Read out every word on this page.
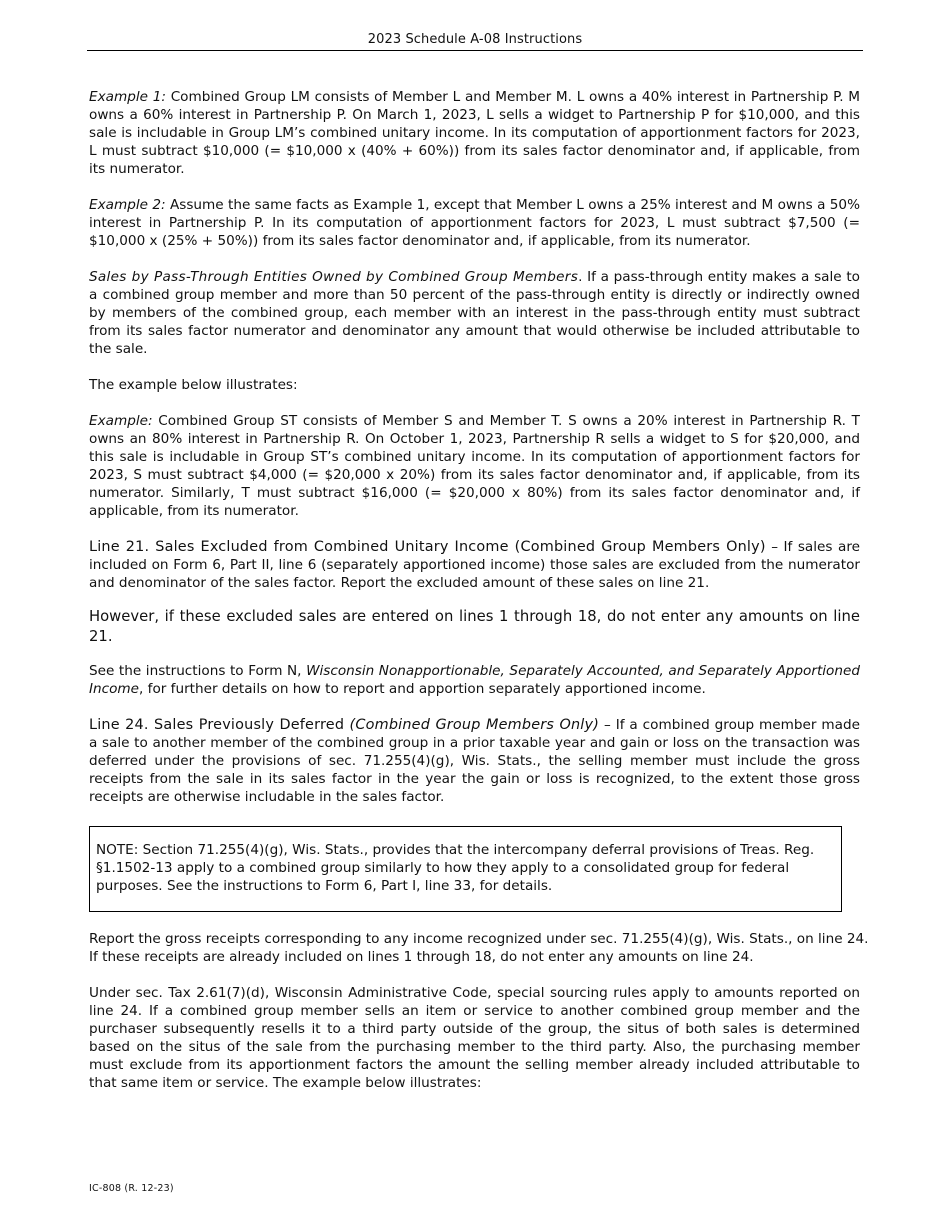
2023 Schedule A-08 Instructions

Example 1: Combined Group LM consists of Member L and Member M. L owns a 40% interest in Partnership P. M owns a 60% interest in Partnership P. On March 1, 2023, L sells a widget to Partnership P for $10,000, and this sale is includable in Group LM’s combined unitary income. In its computation of apportionment factors for 2023, L must subtract $10,000 (= $10,000 x (40% + 60%)) from its sales factor denominator and, if applicable, from its numerator.

Example 2: Assume the same facts as Example 1, except that Member L owns a 25% interest and M owns a 50% interest in Partnership P. In its computation of apportionment factors for 2023, L must subtract $7,500 (= $10,000 x (25% + 50%)) from its sales factor denominator and, if applicable, from its numerator.

Sales by Pass-Through Entities Owned by Combined Group Members. If a pass-through entity makes a sale to a combined group member and more than 50 percent of the pass-through entity is directly or indirectly owned by members of the combined group, each member with an interest in the pass-through entity must subtract from its sales factor numerator and denominator any amount that would otherwise be included attributable to the sale.

The example below illustrates:

Example: Combined Group ST consists of Member S and Member T. S owns a 20% interest in Partnership R. T owns an 80% interest in Partnership R. On October 1, 2023, Partnership R sells a widget to S for $20,000, and this sale is includable in Group ST’s combined unitary income. In its computation of apportionment factors for 2023, S must subtract $4,000 (= $20,000 x 20%) from its sales factor denominator and, if applicable, from its numerator. Similarly, T must subtract $16,000 (= $20,000 x 80%) from its sales factor denominator and, if applicable, from its numerator.

Line 21. Sales Excluded from Combined Unitary Income (Combined Group Members Only) – If sales are included on Form 6, Part II, line 6 (separately apportioned income) those sales are excluded from the numerator and denominator of the sales factor. Report the excluded amount of these sales on line 21.

However, if these excluded sales are entered on lines 1 through 18, do not enter any amounts on line 21.

See the instructions to Form N, Wisconsin Nonapportionable, Separately Accounted, and Separately Apportioned Income, for further details on how to report and apportion separately apportioned income.

Line 24. Sales Previously Deferred (Combined Group Members Only) – If a combined group member made a sale to another member of the combined group in a prior taxable year and gain or loss on the transaction was deferred under the provisions of sec. 71.255(4)(g), Wis. Stats., the selling member must include the gross receipts from the sale in its sales factor in the year the gain or loss is recognized, to the extent those gross receipts are otherwise includable in the sales factor.

NOTE: Section 71.255(4)(g), Wis. Stats., provides that the intercompany deferral provisions of Treas. Reg. §1.1502-13 apply to a combined group similarly to how they apply to a consolidated group for federal purposes. See the instructions to Form 6, Part I, line 33, for details.

Report the gross receipts corresponding to any income recognized under sec. 71.255(4)(g), Wis. Stats., on line 24. If these receipts are already included on lines 1 through 18, do not enter any amounts on line 24.

Under sec. Tax 2.61(7)(d), Wisconsin Administrative Code, special sourcing rules apply to amounts reported on line 24. If a combined group member sells an item or service to another combined group member and the purchaser subsequently resells it to a third party outside of the group, the situs of both sales is determined based on the situs of the sale from the purchasing member to the third party. Also, the purchasing member must exclude from its apportionment factors the amount the selling member already included attributable to that same item or service. The example below illustrates:

IC-808 (R. 12-23)
